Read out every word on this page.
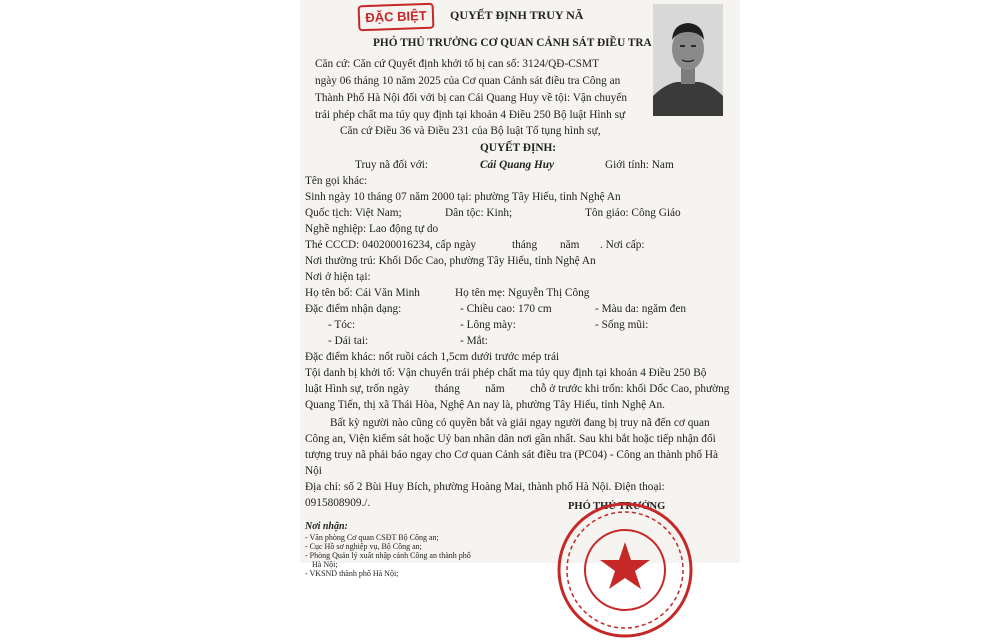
ĐẶC BIỆT	QUYẾT ĐỊNH TRUY NÃ
PHÓ THỦ TRƯỞNG CƠ QUAN CẢNH SÁT ĐIỀU TRA
Căn cứ: Căn cứ Quyết định khởi tố bị can số: 3124/QĐ-CSMT
ngày 06 tháng 10 năm 2025 của Cơ quan Cảnh sát điều tra Công an
Thành Phố Hà Nội đối với bị can Cái Quang Huy về tội: Vận chuyển
trái phép chất ma túy quy định tại khoản 4 Điều 250 Bộ luật Hình sự
Căn cứ Điều 36 và Điều 231 của Bộ luật Tố tụng hình sự,
QUYẾT ĐỊNH:
Truy nã đối với:	Cái Quang Huy	Giới tính: Nam
Tên gọi khác:
Sinh ngày 10 tháng 07 năm 2000 tại: phường Tây Hiếu, tỉnh Nghệ An
Quốc tịch: Việt Nam;	Dân tộc: Kinh;	Tôn giáo: Công Giáo
Nghề nghiệp: Lao động tự do
Thẻ CCCD: 040200016234, cấp ngày	tháng năm . Nơi cấp:
Nơi thường trú: Khối Dốc Cao, phường Tây Hiếu, tỉnh Nghệ An
Nơi ở hiện tại:
Họ tên bố: Cái Văn Minh	Họ tên mẹ: Nguyễn Thị Công
Đặc điểm nhận dạng:	- Chiều cao: 170 cm	- Màu da: ngăm đen
- Tóc:	- Lông mày:	- Sống mũi:
- Dái tai:	- Mắt:
Đặc điểm khác: nốt ruồi cách 1,5cm dưới trước mép trái
Tội danh bị khởi tố: Vận chuyển trái phép chất ma túy quy định tại khoản 4 Điều 250 Bộ
luật Hình sự, trốn ngày         tháng         năm         chỗ ở trước khi trốn: khối Dốc Cao, phường
Quang Tiến, thị xã Thái Hòa, Nghệ An nay là, phường Tây Hiếu, tỉnh Nghệ An.
Bất kỳ người nào cũng có quyền bắt và giải ngay người đang bị truy nã đến cơ quan
Công an, Viện kiểm sát hoặc Uỷ ban nhân dân nơi gần nhất. Sau khi bắt hoặc tiếp nhận đối
tượng truy nã phải báo ngay cho Cơ quan Cảnh sát điều tra (PC04) - Công an thành phố Hà
Nội
Địa chỉ: số 2 Bùi Huy Bích, phường Hoàng Mai, thành phố Hà Nội. Điện thoại:
0915808909./.
Nơi nhận:
- Văn phòng Cơ quan CSĐT Bộ Công an;
- Cục Hồ sơ nghiệp vụ, Bộ Công an;
- Phòng Quản lý xuất nhập cảnh Công an thành phố
Hà Nội;
- VKSND thành phố Hà Nội;
PHÓ THỦ TRƯỞNG
